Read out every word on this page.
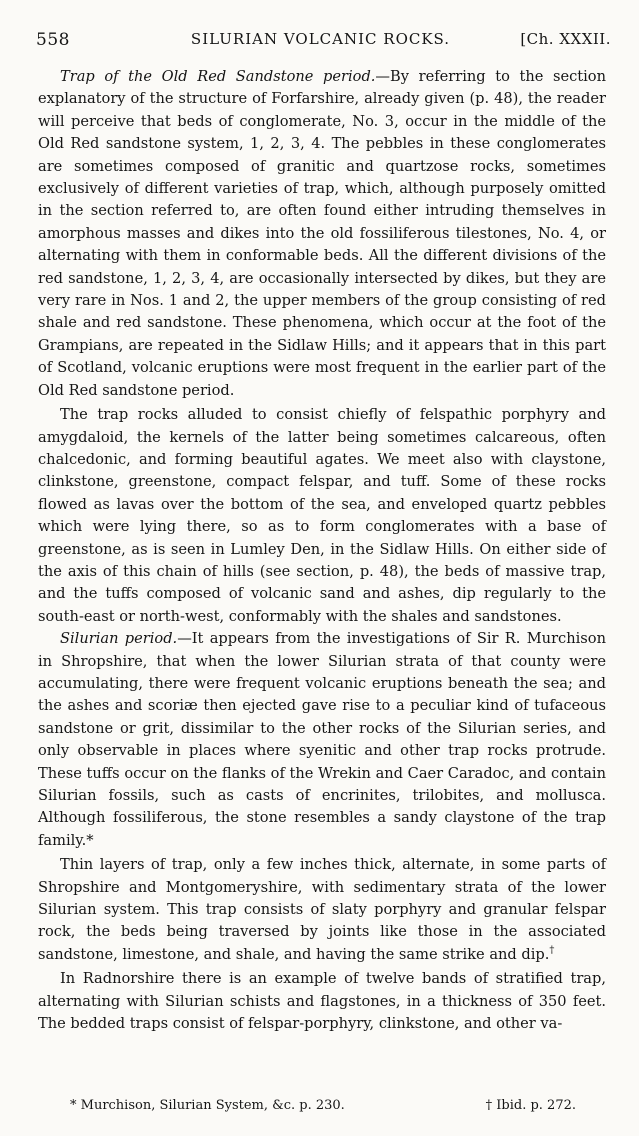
558	SILURIAN VOLCANIC ROCKS.	[Ch. XXXII.

Trap of the Old Red Sandstone period.—By referring to the section explanatory of the structure of Forfarshire, already given (p. 48), the reader will perceive that beds of conglomerate, No. 3, occur in the middle of the Old Red sandstone system, 1, 2, 3, 4. The pebbles in these conglomerates are sometimes composed of granitic and quartzose rocks, sometimes exclusively of different varieties of trap, which, although purposely omitted in the section referred to, are often found either intruding themselves in amorphous masses and dikes into the old fossiliferous tilestones, No. 4, or alternating with them in conformable beds. All the different divisions of the red sandstone, 1, 2, 3, 4, are occasionally intersected by dikes, but they are very rare in Nos. 1 and 2, the upper members of the group consisting of red shale and red sandstone. These phenomena, which occur at the foot of the Grampians, are repeated in the Sidlaw Hills; and it appears that in this part of Scotland, volcanic eruptions were most frequent in the earlier part of the Old Red sandstone period.

The trap rocks alluded to consist chiefly of felspathic porphyry and amygdaloid, the kernels of the latter being sometimes calcareous, often chalcedonic, and forming beautiful agates. We meet also with claystone, clinkstone, greenstone, compact felspar, and tuff. Some of these rocks flowed as lavas over the bottom of the sea, and enveloped quartz pebbles which were lying there, so as to form conglomerates with a base of greenstone, as is seen in Lumley Den, in the Sidlaw Hills. On either side of the axis of this chain of hills (see section, p. 48), the beds of massive trap, and the tuffs composed of volcanic sand and ashes, dip regularly to the south-east or north-west, conformably with the shales and sandstones.

Silurian period.—It appears from the investigations of Sir R. Murchison in Shropshire, that when the lower Silurian strata of that county were accumulating, there were frequent volcanic eruptions beneath the sea; and the ashes and scoriæ then ejected gave rise to a peculiar kind of tufaceous sandstone or grit, dissimilar to the other rocks of the Silurian series, and only observable in places where syenitic and other trap rocks protrude. These tuffs occur on the flanks of the Wrekin and Caer Caradoc, and contain Silurian fossils, such as casts of encrinites, trilobites, and mollusca. Although fossiliferous, the stone resembles a sandy claystone of the trap family.*

Thin layers of trap, only a few inches thick, alternate, in some parts of Shropshire and Montgomeryshire, with sedimentary strata of the lower Silurian system. This trap consists of slaty porphyry and granular felspar rock, the beds being traversed by joints like those in the associated sandstone, limestone, and shale, and having the same strike and dip.†

In Radnorshire there is an example of twelve bands of stratified trap, alternating with Silurian schists and flagstones, in a thickness of 350 feet. The bedded traps consist of felspar-porphyry, clinkstone, and other va-

* Murchison, Silurian System, &c. p. 230.	† Ibid. p. 272.
